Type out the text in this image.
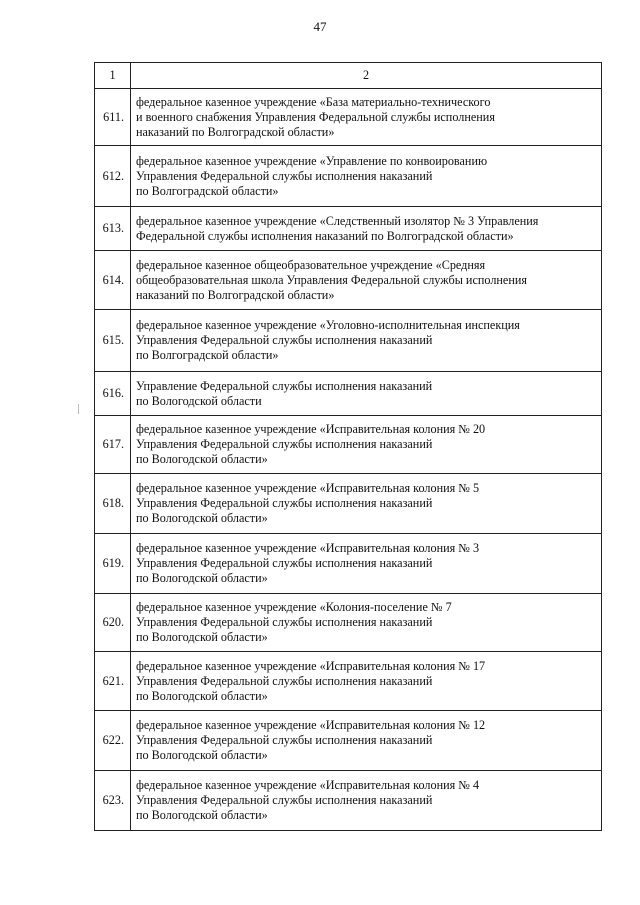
47
1	2
611.	федеральное казенное учреждение «База материально-технического
и военного снабжения Управления Федеральной службы исполнения
наказаний по Волгоградской области»

612.	федеральное казенное учреждение «Управление по конвоированию
Управления Федеральной службы исполнения наказаний
по Волгоградской области»

613.	федеральное казенное учреждение «Следственный изолятор № 3 Управления
Федеральной службы исполнения наказаний по Волгоградской области»

614.	федеральное казенное общеобразовательное учреждение «Средняя
общеобразовательная школа Управления Федеральной службы исполнения
наказаний по Волгоградской области»

615.	федеральное казенное учреждение «Уголовно-исполнительная инспекция
Управления Федеральной службы исполнения наказаний
по Волгоградской области»

616.	Управление Федеральной службы исполнения наказаний
по Вологодской области

617.	федеральное казенное учреждение «Исправительная колония № 20
Управления Федеральной службы исполнения наказаний
по Вологодской области»

618.	федеральное казенное учреждение «Исправительная колония № 5
Управления Федеральной службы исполнения наказаний
по Вологодской области»

619.	федеральное казенное учреждение «Исправительная колония № 3
Управления Федеральной службы исполнения наказаний
по Вологодской области»

620.	федеральное казенное учреждение «Колония-поселение № 7
Управления Федеральной службы исполнения наказаний
по Вологодской области»

621.	федеральное казенное учреждение «Исправительная колония № 17
Управления Федеральной службы исполнения наказаний
по Вологодской области»

622.	федеральное казенное учреждение «Исправительная колония № 12
Управления Федеральной службы исполнения наказаний
по Вологодской области»

623.	федеральное казенное учреждение «Исправительная колония № 4
Управления Федеральной службы исполнения наказаний
по Вологодской области»
